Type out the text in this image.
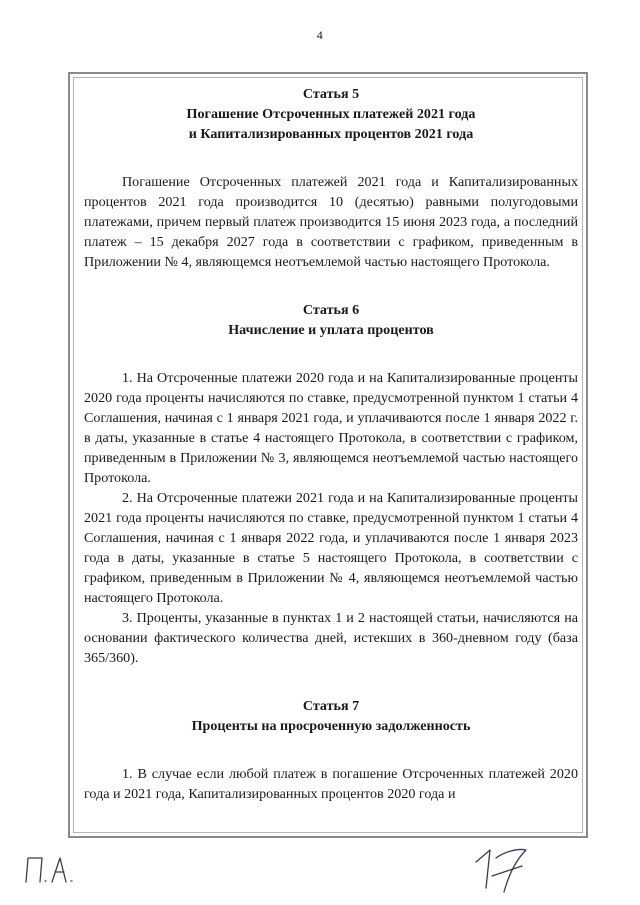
4
Статья 5
Погашение Отсроченных платежей 2021 года
и Капитализированных процентов 2021 года

Погашение Отсроченных платежей 2021 года и Капитализированных процентов 2021 года производится 10 (десятью) равными полугодовыми платежами, причем первый платеж производится 15 июня 2023 года, а последний платеж – 15 декабря 2027 года в соответствии с графиком, приведенным в Приложении № 4, являющемся неотъемлемой частью настоящего Протокола.

Статья 6
Начисление и уплата процентов

1. На Отсроченные платежи 2020 года и на Капитализированные проценты 2020 года проценты начисляются по ставке, предусмотренной пунктом 1 статьи 4 Соглашения, начиная с 1 января 2021 года, и уплачиваются после 1 января 2022 г. в даты, указанные в статье 4 настоящего Протокола, в соответствии с графиком, приведенным в Приложении № 3, являющемся неотъемлемой частью настоящего Протокола.

2. На Отсроченные платежи 2021 года и на Капитализированные проценты 2021 года проценты начисляются по ставке, предусмотренной пунктом 1 статьи 4 Соглашения, начиная с 1 января 2022 года, и уплачиваются после 1 января 2023 года в даты, указанные в статье 5 настоящего Протокола, в соответствии с графиком, приведенным в Приложении № 4, являющемся неотъемлемой частью настоящего Протокола.

3. Проценты, указанные в пунктах 1 и 2 настоящей статьи, начисляются на основании фактического количества дней, истекших в 360-дневном году (база 365/360).

Статья 7
Проценты на просроченную задолженность

1. В случае если любой платеж в погашение Отсроченных платежей 2020 года и 2021 года, Капитализированных процентов 2020 года и
